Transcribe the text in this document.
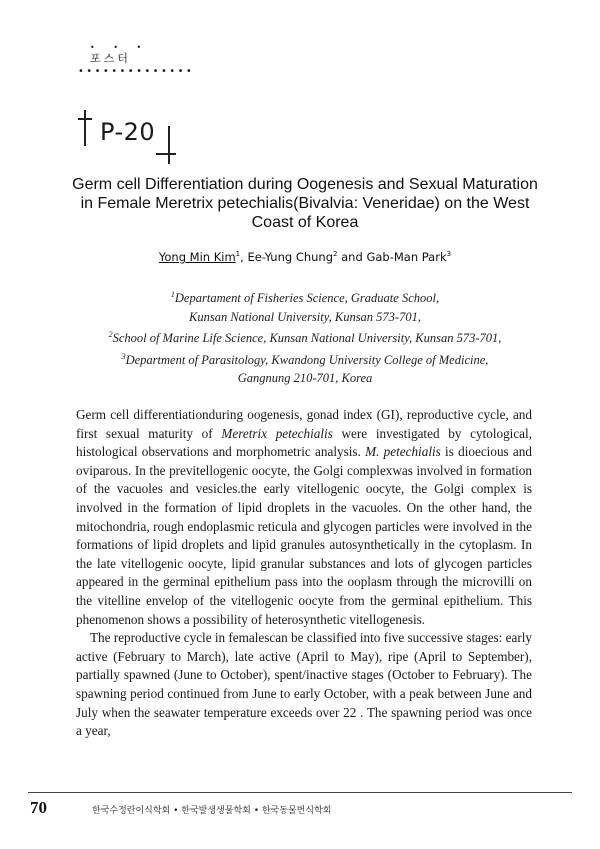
• • •
포스터
••••••••••••••
P-20
Germ cell Differentiation during Oogenesis and Sexual Maturation in Female Meretrix petechialis(Bivalvia: Veneridae) on the West Coast of Korea
Yong Min Kim$^1$, Ee-Yung Chung$^2$ and Gab-Man Park$^3$
$^1$Departament of Fisheries Science, Graduate School,
Kunsan National University, Kunsan 573-701,
$^2$School of Marine Life Science, Kunsan National University, Kunsan 573-701,
$^3$Department of Parasitology, Kwandong University College of Medicine,
Gangnung 210-701, Korea

Germ cell differentiationduring oogenesis, gonad index (GI), reproductive cycle, and first sexual maturity of Meretrix petechialis were investigated by cytological, histological observations and morphometric analysis. M. petechialis is dioecious and oviparous. In the previtellogenic oocyte, the Golgi complexwas involved in formation of the vacuoles and vesicles.the early vitellogenic oocyte, the Golgi complex is involved in the formation of lipid droplets in the vacuoles. On the other hand, the mitochondria, rough endoplasmic reticula and glycogen particles were involved in the formations of lipid droplets and lipid granules autosynthetically in the cytoplasm. In the late vitellogenic oocyte, lipid granular substances and lots of glycogen particles appeared in the germinal epithelium pass into the ooplasm through the microvilli on the vitelline envelop of the vitellogenic oocyte from the germinal epithelium. This phenomenon shows a possibility of heterosynthetic vitellogenesis.

The reproductive cycle in femalescan be classified into five successive stages: early active (February to March), late active (April to May), ripe (April to September), partially spawned (June to October), spent/inactive stages (October to February). The spawning period continued from June to early October, with a peak between June and July when the seawater temperature exceeds over 22 . The spawning period was once a year,

70	한국수정란이식학회 • 한국발생생물학회 • 한국동물번식학회
